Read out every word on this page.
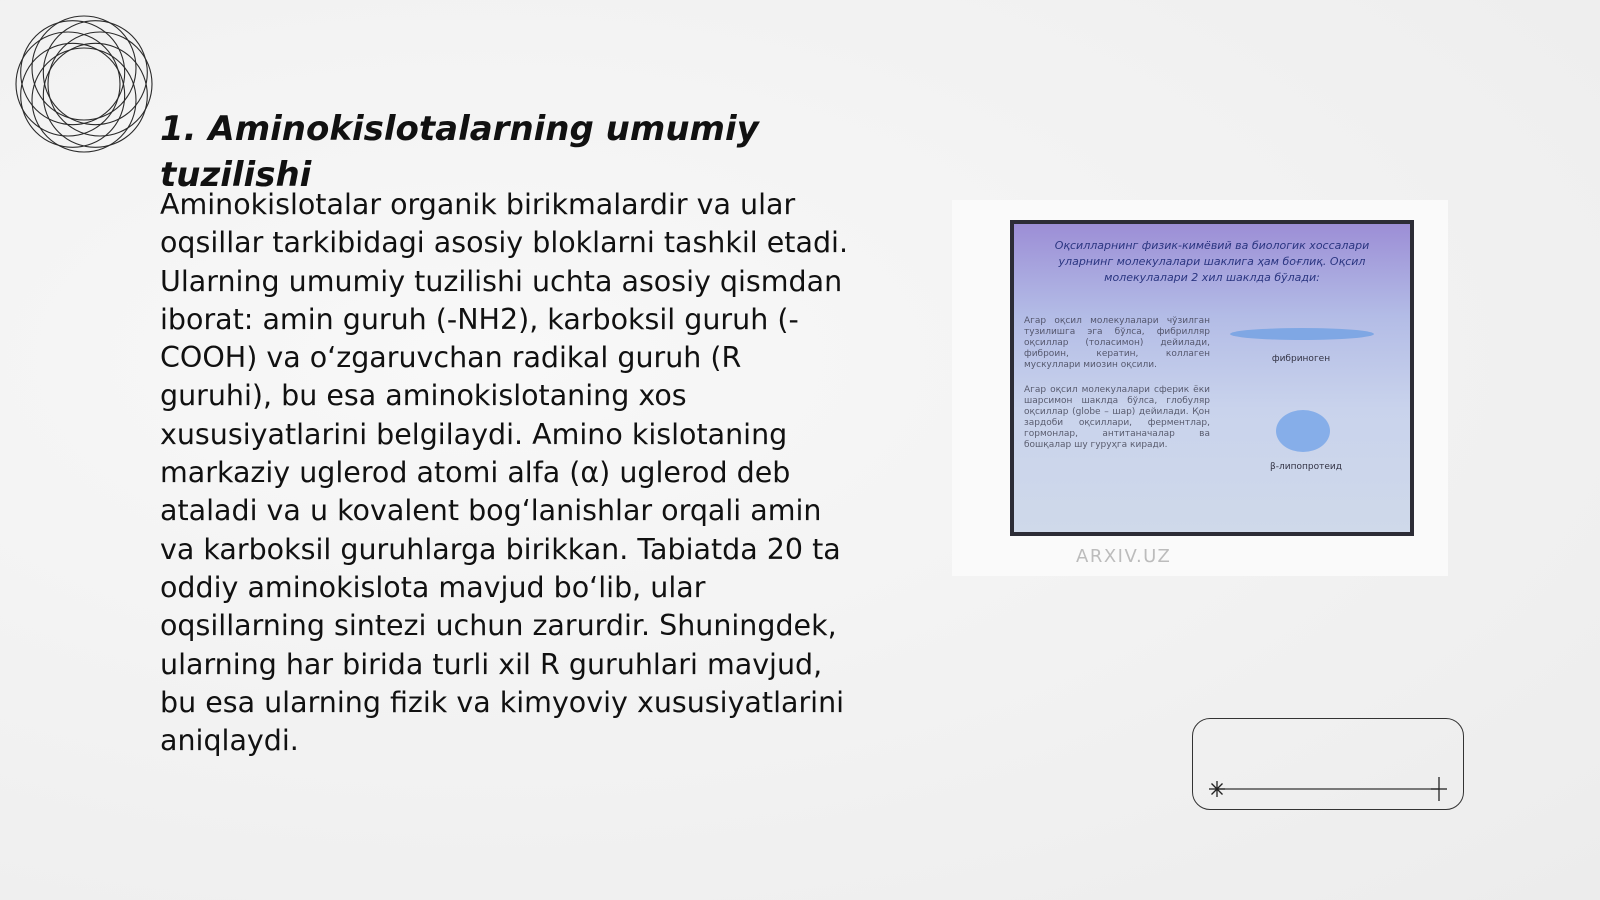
1. Aminokislotalarning umumiy tuzilishi

Aminokislotalar organik birikmalardir va ular oqsillar tarkibidagi asosiy bloklarni tashkil etadi. Ularning umumiy tuzilishi uchta asosiy qismdan iborat: amin guruh (-NH2), karboksil guruh (-COOH) va o‘zgaruvchan radikal guruh (R guruhi), bu esa aminokislotaning xos xususiyatlarini belgilaydi. Amino kislotaning markaziy uglerod atomi alfa (α) uglerod deb ataladi va u kovalent bog‘lanishlar orqali amin va karboksil guruhlarga birikkan. Tabiatda 20 ta oddiy aminokislota mavjud bo‘lib, ular oqsillarning sintezi uchun zarurdir. Shuningdek, ularning har birida turli xil R guruhlari mavjud, bu esa ularning fizik va kimyoviy xususiyatlarini aniqlaydi.

Оқсилларнинг физик-кимёвий ва биологик хоссалари уларнинг молекулалари шаклига ҳам боғлиқ. Оқсил молекулалари 2 хил шаклда бўлади:

Агар оқсил молекулалари чўзилган тузилишга эга бўлса, фибрилляр оқсиллар (толасимон) дейилади, фиброин, кератин, коллаген мускуллари миозин оқсили.
Агар оқсил молекулалари сферик ёки шарсимон шаклда бўлса, глобуляр оқсиллар (globe – шар) дейилади. Қон зардоби оқсиллари, ферментлар, гормонлар, антитаначалар ва бошқалар шу гуруҳга киради.
фибриноген
β-липопротеид

ARXIV.UZ
